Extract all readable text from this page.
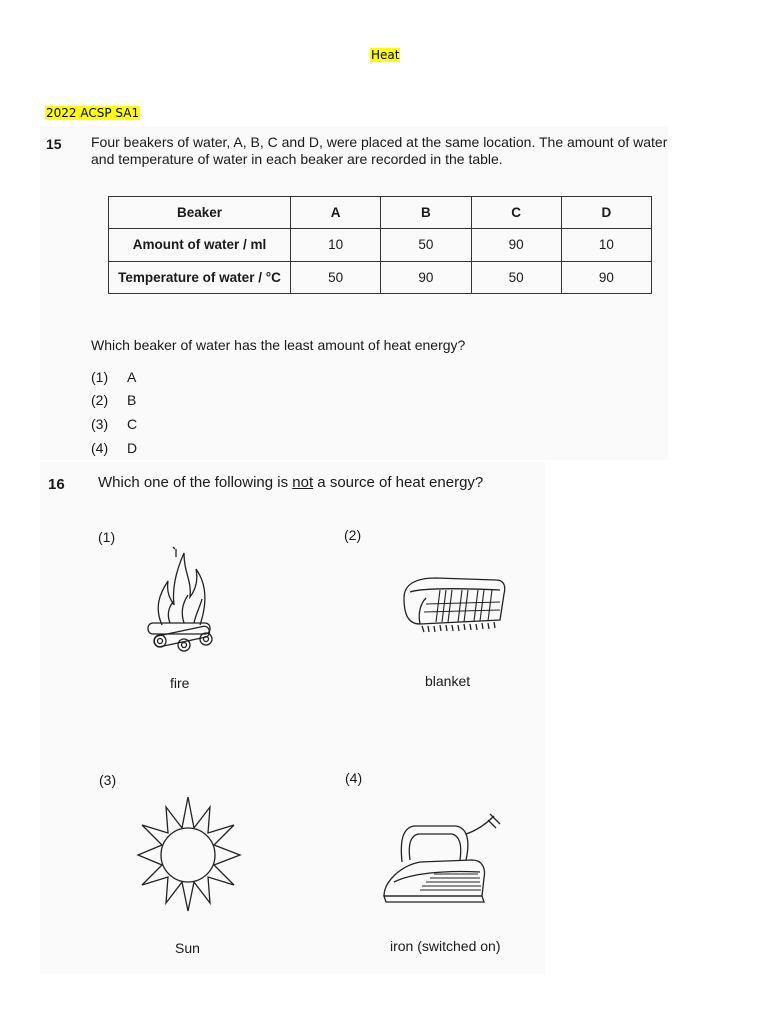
Heat
2022 ACSP SA1
15 Four beakers of water, A, B, C and D, were placed at the same location. The amount of water
and temperature of water in each beaker are recorded in the table.
Beaker	A	B	C	D
Amount of water / ml	10	50	90	10
Temperature of water / °C	50	90	50	90
Which beaker of water has the least amount of heat energy?
(1) A
(2) B
(3) C
(4) D
16 Which one of the following is not a source of heat energy?
(1)
fire
(2)
blanket
(3)
Sun
(4)
iron (switched on)
